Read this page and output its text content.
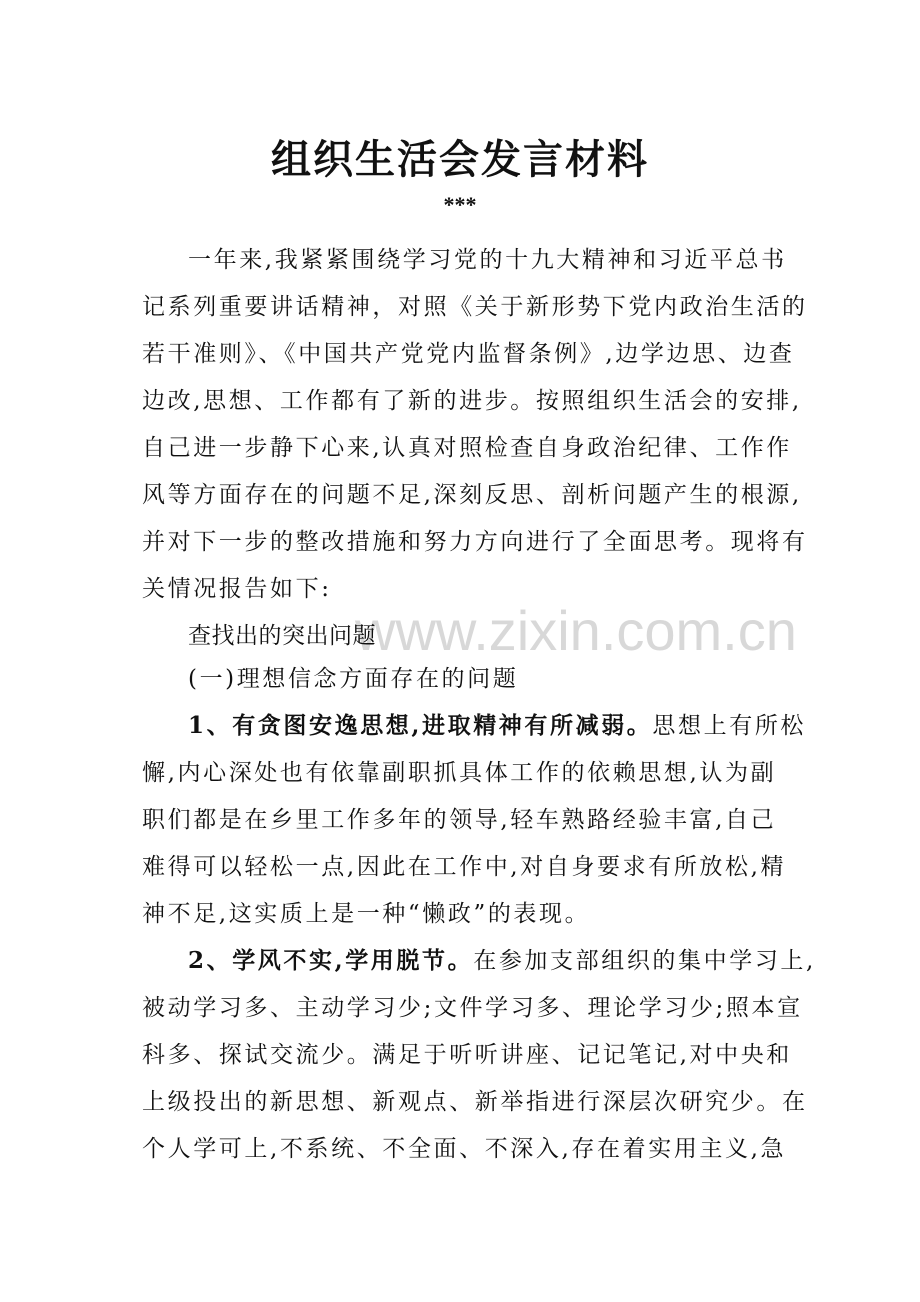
组织生活会发言材料
***
一年来,我紧紧围绕学习党的十九大精神和习近平总书
记系列重要讲话精神，对照《关于新形势下党内政治生活的
若干准则》、《中国共产党党内监督条例》,边学边思、边查
边改,思想、工作都有了新的进步。按照组织生活会的安排,
自己进一步静下心来,认真对照检查自身政治纪律、工作作
风等方面存在的问题不足,深刻反思、剖析问题产生的根源,
并对下一步的整改措施和努力方向进行了全面思考。现将有
关情况报告如下:
www.zixin.com.cn
查找出的突出问题
(一)理想信念方面存在的问题
1、有贪图安逸思想,进取精神有所减弱。思想上有所松
懈,内心深处也有依靠副职抓具体工作的依赖思想,认为副
职们都是在乡里工作多年的领导,轻车熟路经验丰富,自己
难得可以轻松一点,因此在工作中,对自身要求有所放松,精
神不足,这实质上是一种“懒政”的表现。
2、学风不实,学用脱节。在参加支部组织的集中学习上,
被动学习多、主动学习少;文件学习多、理论学习少;照本宣
科多、探试交流少。满足于听听讲座、记记笔记,对中央和
上级投出的新思想、新观点、新举指进行深层次研究少。在
个人学可上,不系统、不全面、不深入,存在着实用主义,急
